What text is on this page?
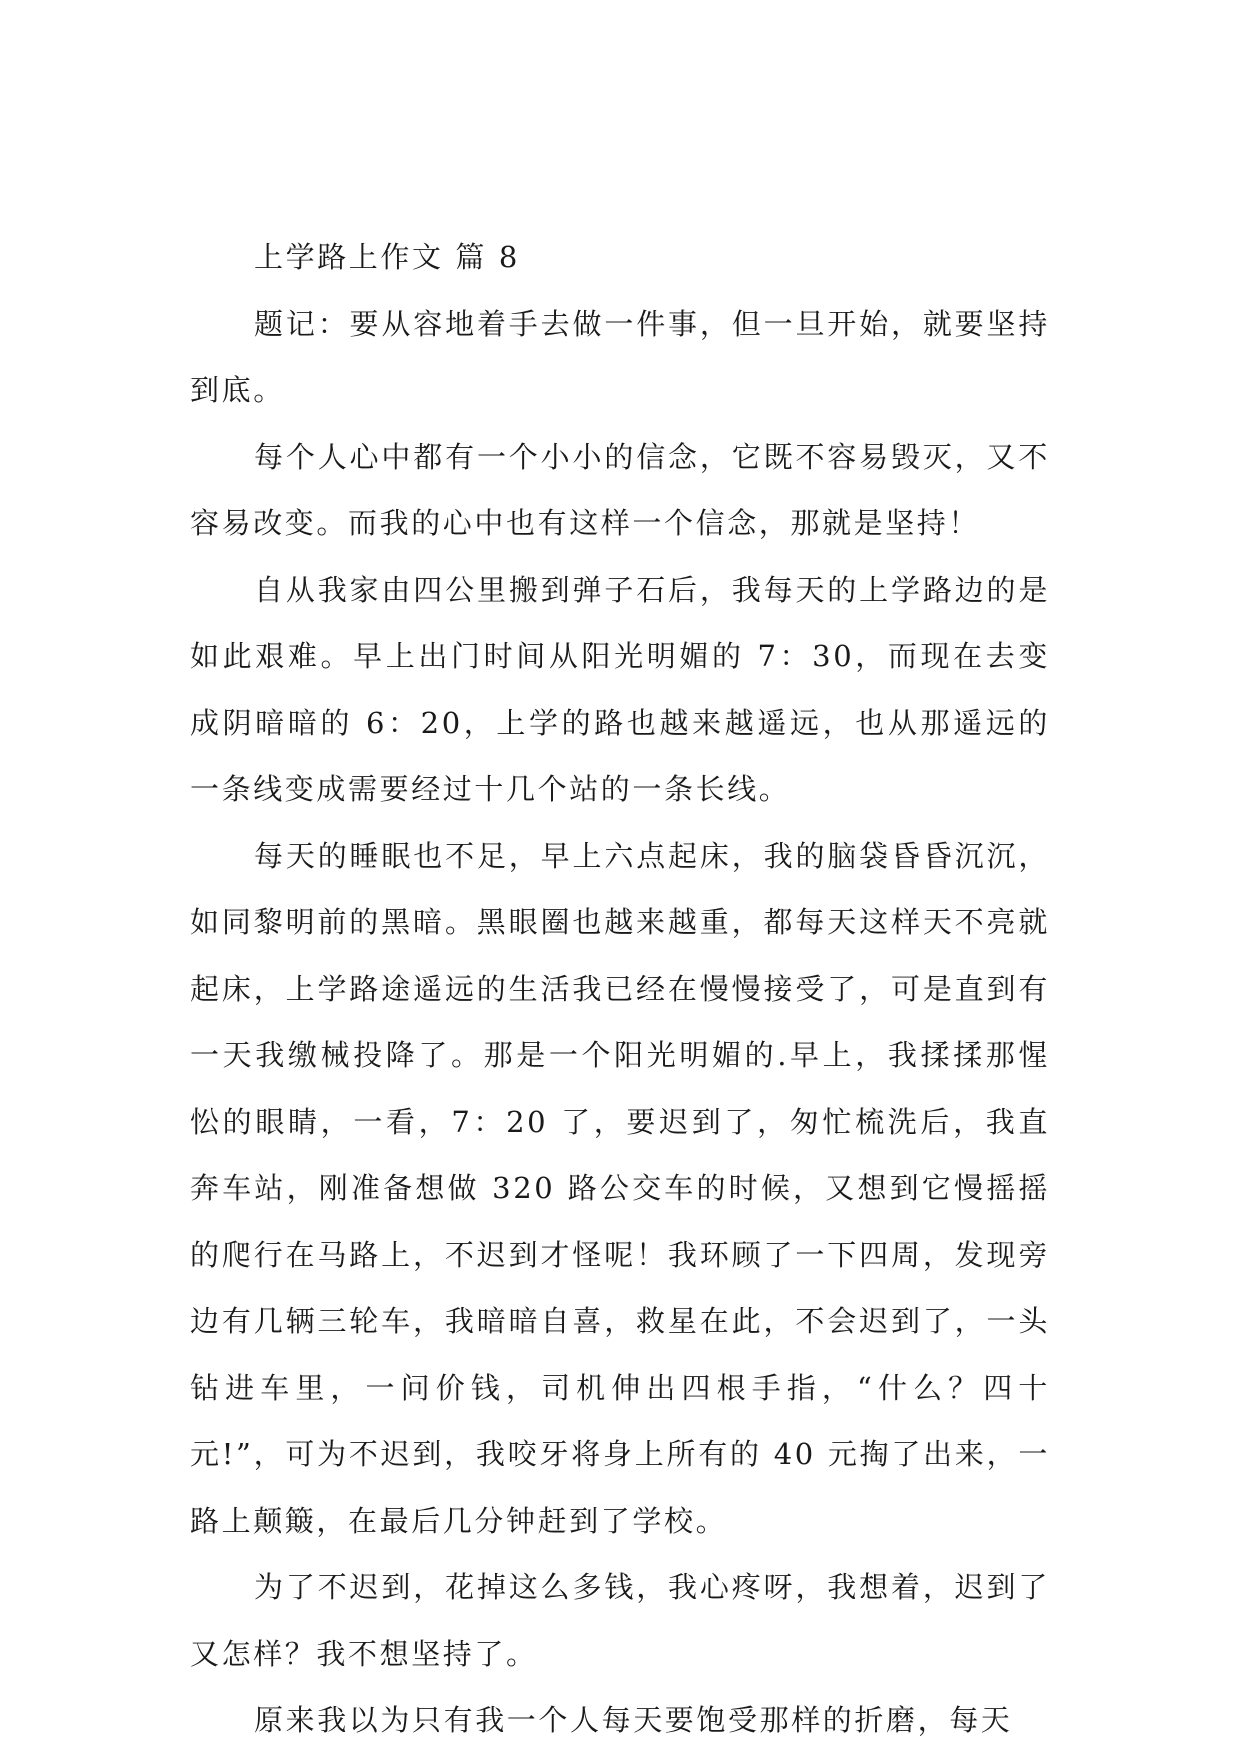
上学路上作文 篇 8

题记：要从容地着手去做一件事，但一旦开始，就要坚持到底。

每个人心中都有一个小小的信念，它既不容易毁灭，又不容易改变。而我的心中也有这样一个信念，那就是坚持！

自从我家由四公里搬到弹子石后，我每天的上学路边的是如此艰难。早上出门时间从阳光明媚的 7：30，而现在去变成阴暗暗的 6：20，上学的路也越来越遥远，也从那遥远的一条线变成需要经过十几个站的一条长线。

每天的睡眠也不足，早上六点起床，我的脑袋昏昏沉沉，如同黎明前的黑暗。黑眼圈也越来越重，都每天这样天不亮就起床，上学路途遥远的生活我已经在慢慢接受了，可是直到有一天我缴械投降了。那是一个阳光明媚的.早上，我揉揉那惺忪的眼睛，一看，7：20 了，要迟到了，匆忙梳洗后，我直奔车站，刚准备想做 320 路公交车的时候，又想到它慢摇摇的爬行在马路上，不迟到才怪呢！我环顾了一下四周，发现旁边有几辆三轮车，我暗暗自喜，救星在此，不会迟到了，一头钻进车里，一问价钱，司机伸出四根手指，“什么？四十元!”，可为不迟到，我咬牙将身上所有的 40 元掏了出来，一路上颠簸，在最后几分钟赶到了学校。

为了不迟到，花掉这么多钱，我心疼呀，我想着，迟到了又怎样？我不想坚持了。

原来我以为只有我一个人每天要饱受那样的折磨，每天
